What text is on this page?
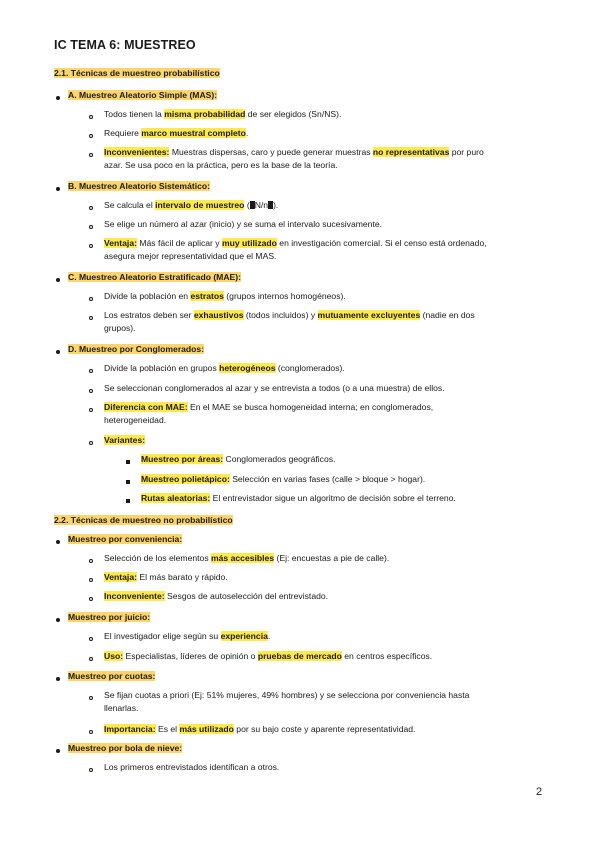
IC TEMA 6: MUESTREO
2.1. Técnicas de muestreo probabilístico
A. Muestreo Aleatorio Simple (MAS):
Todos tienen la misma probabilidad de ser elegidos (Sn/NS).
Requiere marco muestral completo.
Inconvenientes: Muestras dispersas, caro y puede generar muestras no representativas por puro
azar. Se usa poco en la práctica, pero es la base de la teoría.
B. Muestreo Aleatorio Sistemático:
Se calcula el intervalo de muestreo ( N/n ).
Se elige un número al azar (inicio) y se suma el intervalo sucesivamente.
Ventaja: Más fácil de aplicar y muy utilizado en investigación comercial. Si el censo está ordenado,
asegura mejor representatividad que el MAS.
C. Muestreo Aleatorio Estratificado (MAE):
Divide la población en estratos (grupos internos homogéneos).
Los estratos deben ser exhaustivos (todos incluidos) y mutuamente excluyentes (nadie en dos
grupos).
D. Muestreo por Conglomerados:
Divide la población en grupos heterogéneos (conglomerados).
Se seleccionan conglomerados al azar y se entrevista a todos (o a una muestra) de ellos.
Diferencia con MAE: En el MAE se busca homogeneidad interna; en conglomerados,
heterogeneidad.
Variantes:
Muestreo por áreas: Conglomerados geográficos.
Muestreo polietápico: Selección en varias fases (calle > bloque > hogar).
Rutas aleatorias: El entrevistador sigue un algoritmo de decisión sobre el terreno.
2.2. Técnicas de muestreo no probabilístico
Muestreo por conveniencia:
Selección de los elementos más accesibles (Ej: encuestas a pie de calle).
Ventaja: El más barato y rápido.
Inconveniente: Sesgos de autoselección del entrevistado.
Muestreo por juicio:
El investigador elige según su experiencia.
Uso: Especialistas, líderes de opinión o pruebas de mercado en centros específicos.
Muestreo por cuotas:
Se fijan cuotas a priori (Ej: 51% mujeres, 49% hombres) y se selecciona por conveniencia hasta
llenarlas.
Importancia: Es el más utilizado por su bajo coste y aparente representatividad.
Muestreo por bola de nieve:
Los primeros entrevistados identifican a otros.
2
